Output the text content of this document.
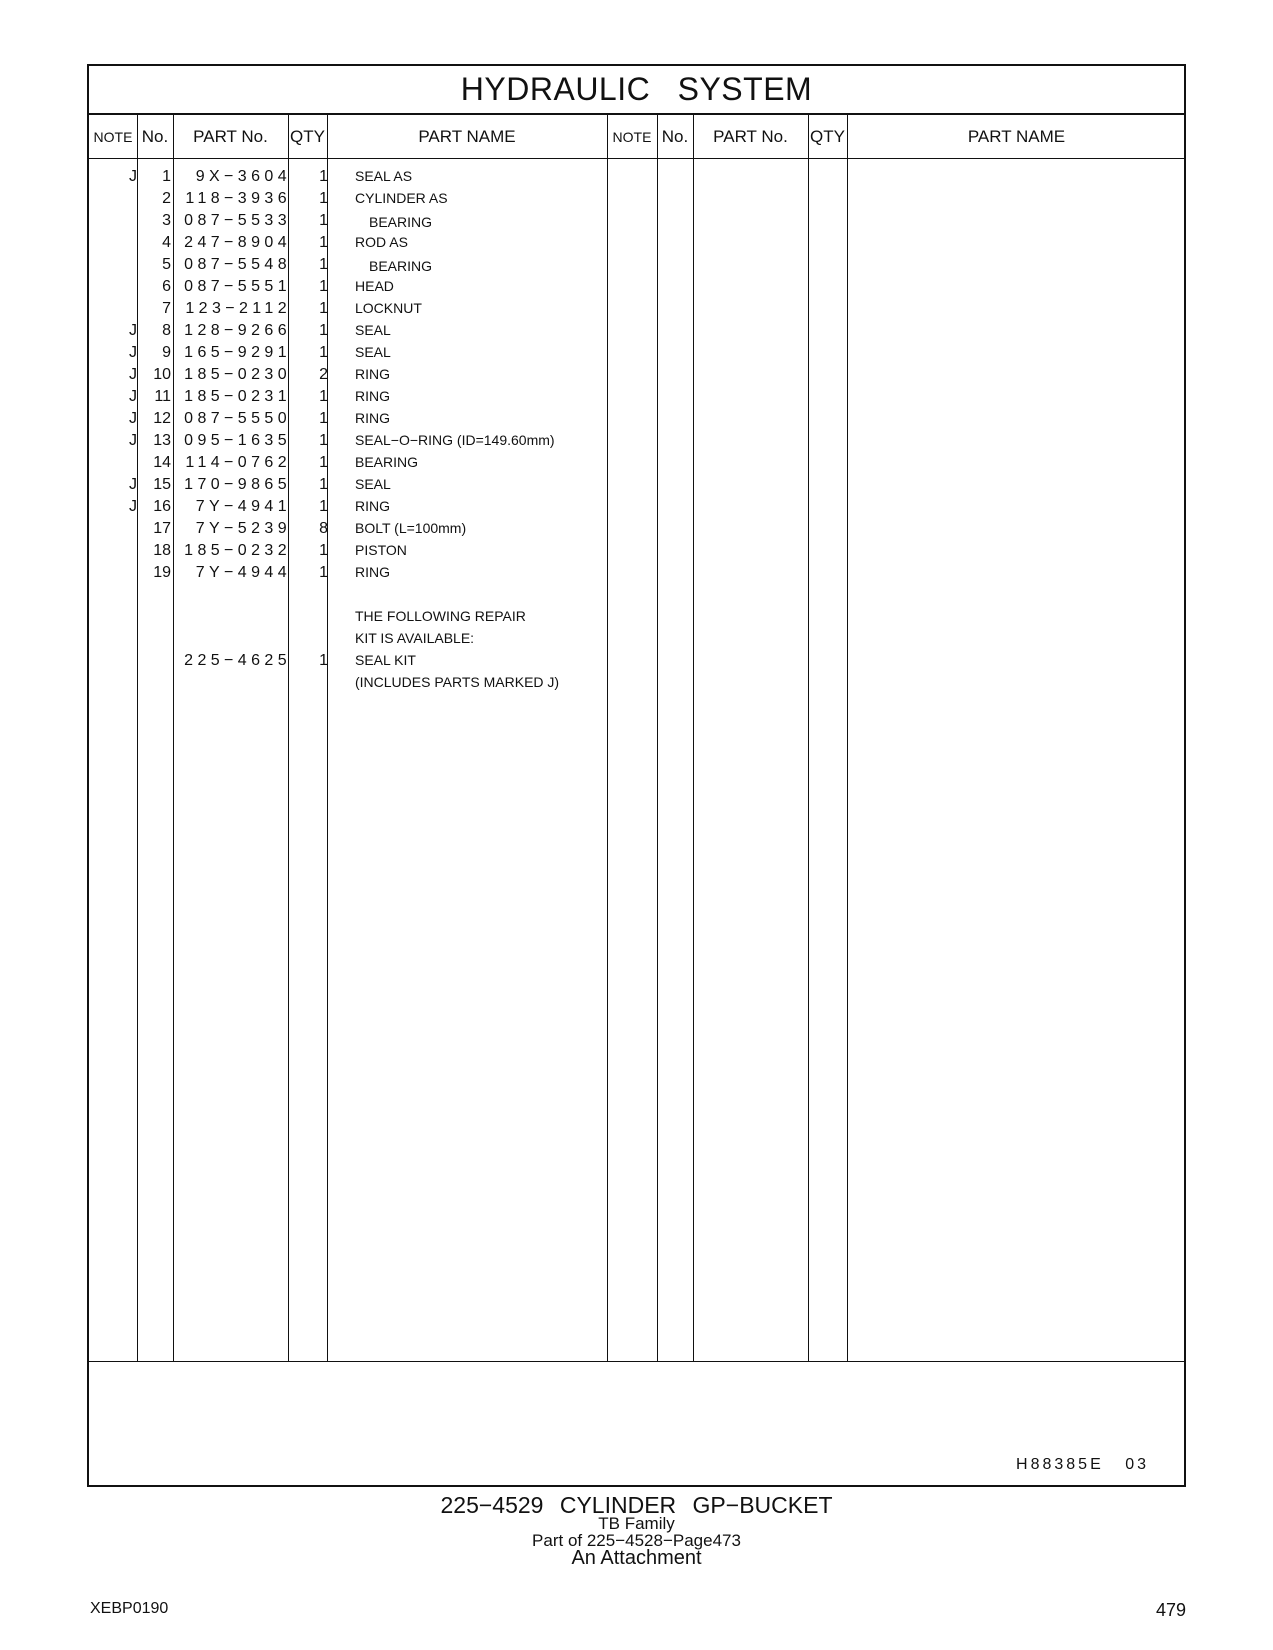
HYDRAULIC SYSTEM
NOTE No.	PART No.	QTY	PART NAME	NOTE No.	PART No.	QTY	PART NAME
J	1	9X−3604	1 SEAL AS
2 118−3936	1 CYLINDER AS
3 087−5533	1	BEARING
4 247−8904	1 ROD AS
5 087−5548	1	BEARING
6 087−5551	1 HEAD
7 123−2112	1 LOCKNUT
J	8 128−9266	1 SEAL
J	9 165−9291	1 SEAL
J	10 185−0230	2 RING
J	11 185−0231	1 RING
J	12 087−5550	1 RING
J	13 095−1635	1 SEAL−O−RING (ID=149.60mm)
14 114−0762	1 BEARING
J	15 170−9865	1 SEAL
J	16	7Y−4941	1 RING
17	7Y−5239	8 BOLT (L=100mm)
18 185−0232	1 PISTON
19	7Y−4944	1 RING
THE FOLLOWING REPAIR
KIT IS AVAILABLE:
225−4625	1 SEAL KIT
(INCLUDES PARTS MARKED J)
H88385E 03
225−4529 CYLINDER GP−BUCKET
TB Family
Part of 225−4528−Page473
An Attachment
XEBP0190	479
